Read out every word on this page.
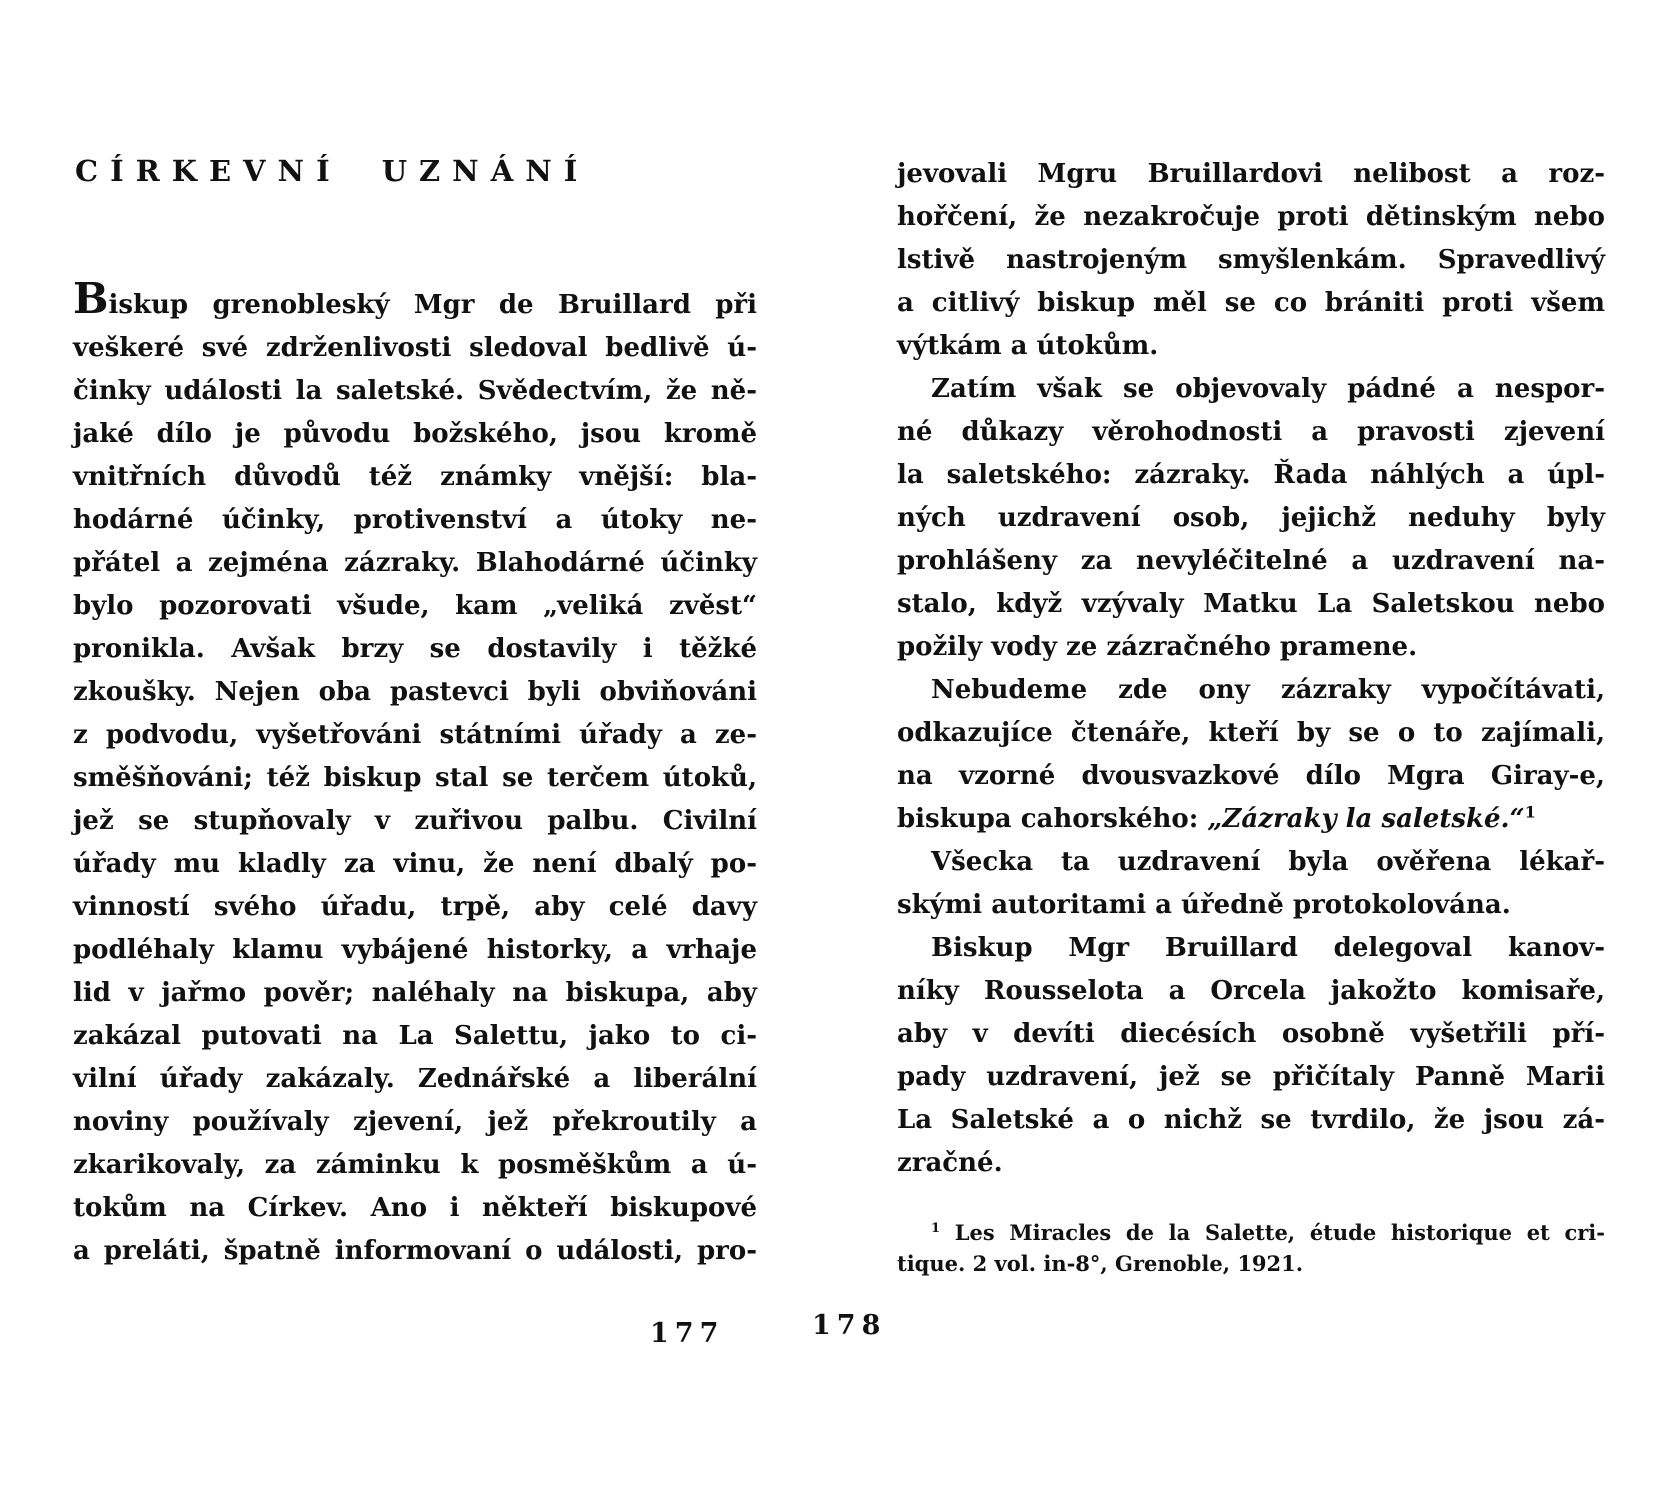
CÍRKEVNÍ UZNÁNÍ
Biskup grenobleský Mgr de Bruillard při
veškeré své zdrženlivosti sledoval bedlivě ú-
činky události la saletské. Svědectvím, že ně-
jaké dílo je původu božského, jsou kromě
vnitřních důvodů též známky vnější: bla-
hodárné účinky, protivenství a útoky ne-
přátel a zejména zázraky. Blahodárné účinky
bylo pozorovati všude, kam „veliká zvěst“
pronikla. Avšak brzy se dostavily i těžké
zkoušky. Nejen oba pastevci byli obviňováni
z podvodu, vyšetřováni státními úřady a ze-
směšňováni; též biskup stal se terčem útoků,
jež se stupňovaly v zuřivou palbu. Civilní
úřady mu kladly za vinu, že není dbalý po-
vinností svého úřadu, trpě, aby celé davy
podléhaly klamu vybájené historky, a vrhaje
lid v jařmo pověr; naléhaly na biskupa, aby
zakázal putovati na La Salettu, jako to ci-
vilní úřady zakázaly. Zednářské a liberální
noviny používaly zjevení, jež překroutily a
zkarikovaly, za záminku k posměškům a ú-
tokům na Církev. Ano i někteří biskupové
a preláti, špatně informovaní o události, pro-
jevovali Mgru Bruillardovi nelibost a roz-
hořčení, že nezakročuje proti dětinským nebo
lstivě nastrojeným smyšlenkám. Spravedlivý
a citlivý biskup měl se co brániti proti všem
výtkám a útokům.
Zatím však se objevovaly pádné a nespor-
né důkazy věrohodnosti a pravosti zjevení
la saletského: zázraky. Řada náhlých a úpl-
ných uzdravení osob, jejichž neduhy byly
prohlášeny za nevyléčitelné a uzdravení na-
stalo, když vzývaly Matku La Saletskou nebo
požily vody ze zázračného pramene.
Nebudeme zde ony zázraky vypočítávati,
odkazujíce čtenáře, kteří by se o to zajímali,
na vzorné dvousvazkové dílo Mgra Giray-e,
biskupa cahorského: „Zázraky la saletské.“$^1$
Všecka ta uzdravení byla ověřena lékař-
skými autoritami a úředně protokolována.
Biskup Mgr Bruillard delegoval kanov-
níky Rousselota a Orcela jakožto komisaře,
aby v devíti diecésích osobně vyšetřili pří-
pady uzdravení, jež se přičítaly Panně Marii
La Saletské a o nichž se tvrdilo, že jsou zá-
zračné.
$^1$ Les Miracles de la Salette, étude historique et cri-
tique. 2 vol. in-8°, Grenoble, 1921.
177	178
